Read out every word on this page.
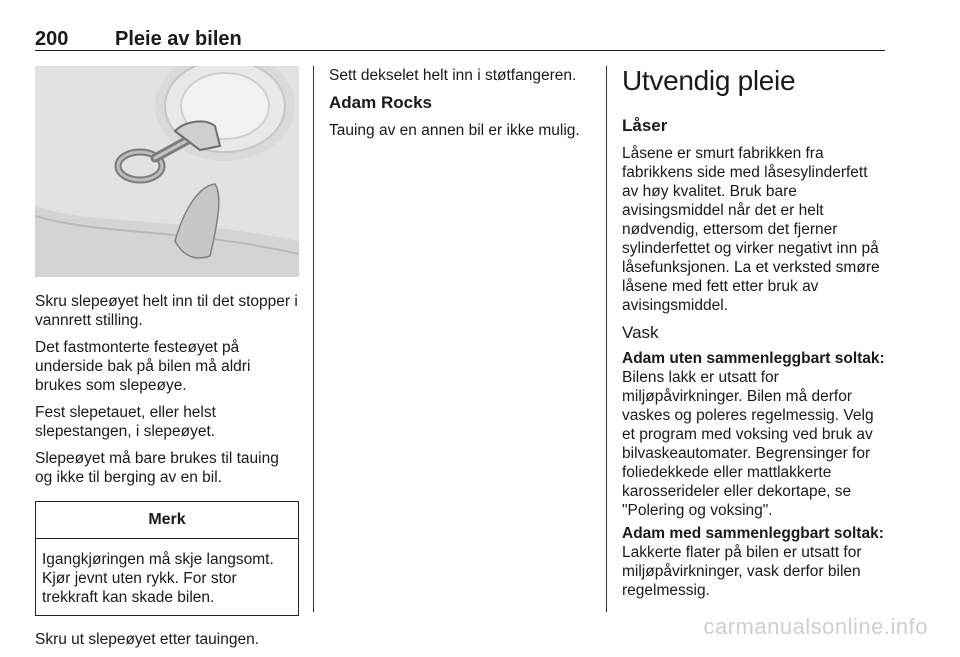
200 Pleie av bilen

Skru slepeøyet helt inn til det stopper i vannrett stilling.

Det fastmonterte festeøyet på underside bak på bilen må aldri brukes som slepeøye.

Fest slepetauet, eller helst slepestangen, i slepeøyet.

Slepeøyet må bare brukes til tauing og ikke til berging av en bil.

Merk
Igangkjøringen må skje langsomt. Kjør jevnt uten rykk. For stor trekkraft kan skade bilen.

Skru ut slepeøyet etter tauingen.

Sett dekselet helt inn i støtfangeren.

Adam Rocks

Tauing av en annen bil er ikke mulig.

Utvendig pleie
Låser

Låsene er smurt fabrikken fra fabrikkens side med låsesylinderfett av høy kvalitet. Bruk bare avisingsmiddel når det er helt nødvendig, ettersom det fjerner sylinderfettet og virker negativt inn på låsefunksjonen. La et verksted smøre låsene med fett etter bruk av avisingsmiddel.

Vask
Adam uten sammenleggbart soltak:

Bilens lakk er utsatt for miljøpåvirkninger. Bilen må derfor vaskes og poleres regelmessig. Velg et program med voksing ved bruk av bilvaskeautomater. Begrensinger for foliedekkede eller mattlakkerte karosserideler eller dekortape, se "Polering og voksing".

Adam med sammenleggbart soltak:

Lakkerte flater på bilen er utsatt for miljøpåvirkninger, vask derfor bilen regelmessig.

carmanualsonline.info
